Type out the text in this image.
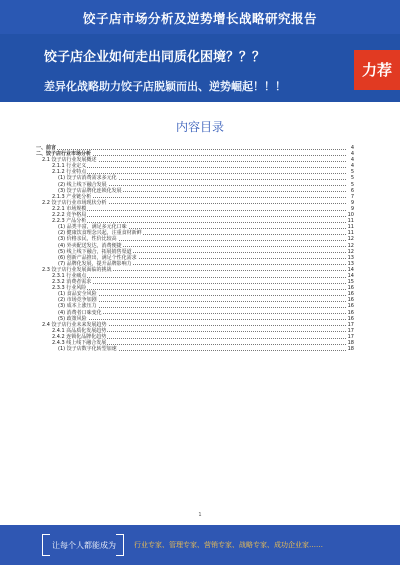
饺子店市场分析及逆势增长战略研究报告
饺子店企业如何走出同质化困境？？？
差异化战略助力饺子店脱颖而出、逆势崛起！！！
力荐
内容目录
一、前言	4
二、饺子店行业市场分析	4
2.1 饺子店行业发展概述	4
2.1.1 行业定义	4
2.1.2 行业特点	5
(1) 饺子店消费需求多元化	5
(2) 线上线下融合发展	5
(3) 饺子店品牌化连锁化发展	6
2.1.3 产业链分析	7
2.2 饺子店行业市场现状分析	9
2.2.1 市场规模	9
2.2.2 竞争格局	10
2.2.3 产品分析	11
(1) 品类丰富，满足多元化口味	11
(2) 健康饮食理念兴起，注重食材新鲜	11
(3) 价格亲民，性价比较高	12
(4) 外卖配送发达，消费便捷	12
(5) 线上线下融合，拓展销售渠道	12
(6) 创新产品推出，满足个性化需求	13
(7) 品牌化发展，提升品牌影响力	13
2.3 饺子店行业发展面临的挑战	14
2.3.1 行业痛点	14
2.3.2 消费者需求	15
2.3.3 行业风险	16
(1) 食品安全风险	16
(2) 市场竞争加剧	16
(3) 成本上涨压力	16
(4) 消费者口味变化	16
(5) 政策风险	16
2.4 饺子店行业未来发展趋势	17
2.4.1 高品质化发展趋势	17
2.4.2 连锁化品牌化趋势	17
2.4.3 线上线下融合发展	18
(1) 饺子店数字化转型加速	18
1
让每个人都能成为	行业专家、管理专家、营销专家、战略专家、成功企业家……
